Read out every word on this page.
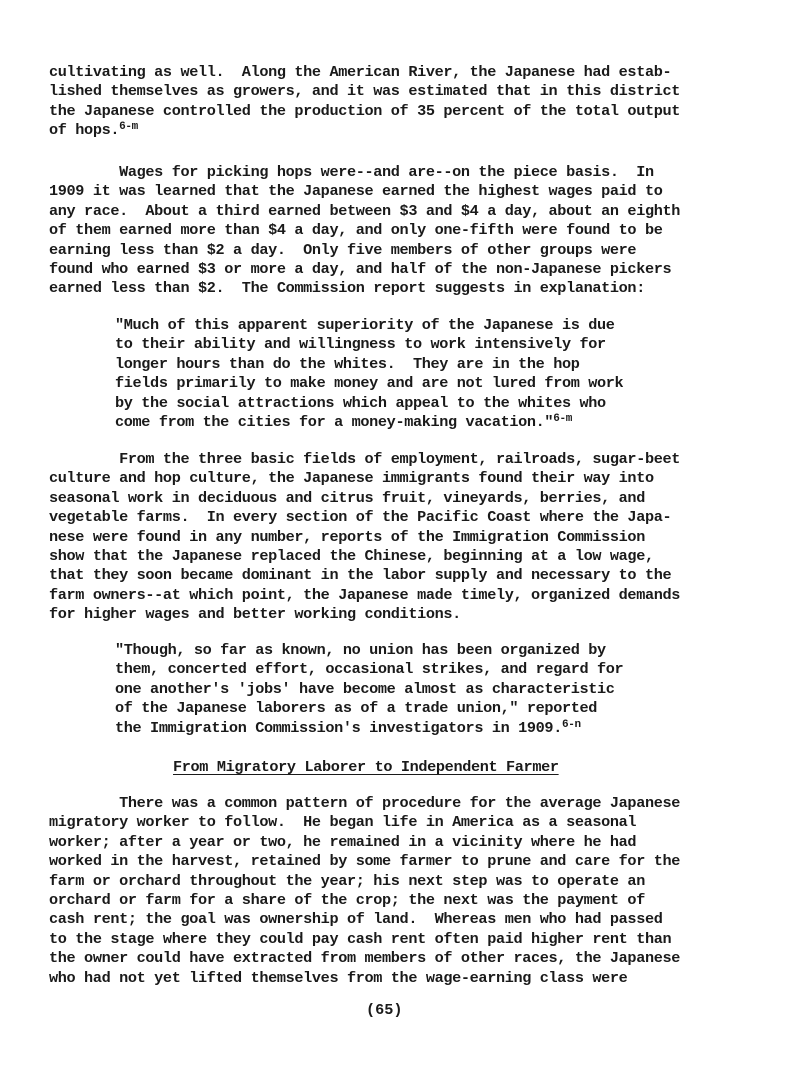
cultivating as well.  Along the American River, the Japanese had estab-
lished themselves as growers, and it was estimated that in this district
the Japanese controlled the production of 35 percent of the total output
of hops.$^{6-m}$
Wages for picking hops were--and are--on the piece basis.  In
1909 it was learned that the Japanese earned the highest wages paid to
any race.  About a third earned between $3 and $4 a day, about an eighth
of them earned more than $4 a day, and only one-fifth were found to be
earning less than $2 a day.  Only five members of other groups were
found who earned $3 or more a day, and half of the non-Japanese pickers
earned less than $2.  The Commission report suggests in explanation:
"Much of this apparent superiority of the Japanese is due
to their ability and willingness to work intensively for
longer hours than do the whites.  They are in the hop
fields primarily to make money and are not lured from work
by the social attractions which appeal to the whites who
come from the cities for a money-making vacation."$^{6-m}$
From the three basic fields of employment, railroads, sugar-beet
culture and hop culture, the Japanese immigrants found their way into
seasonal work in deciduous and citrus fruit, vineyards, berries, and
vegetable farms.  In every section of the Pacific Coast where the Japa-
nese were found in any number, reports of the Immigration Commission
show that the Japanese replaced the Chinese, beginning at a low wage,
that they soon became dominant in the labor supply and necessary to the
farm owners--at which point, the Japanese made timely, organized demands
for higher wages and better working conditions.
"Though, so far as known, no union has been organized by
them, concerted effort, occasional strikes, and regard for
one another's 'jobs' have become almost as characteristic
of the Japanese laborers as of a trade union," reported
the Immigration Commission's investigators in 1909.$^{6-n}$
There was a common pattern of procedure for the average Japanese
migratory worker to follow.  He began life in America as a seasonal
worker; after a year or two, he remained in a vicinity where he had
worked in the harvest, retained by some farmer to prune and care for the
farm or orchard throughout the year; his next step was to operate an
orchard or farm for a share of the crop; the next was the payment of
cash rent; the goal was ownership of land.  Whereas men who had passed
to the stage where they could pay cash rent often paid higher rent than
the owner could have extracted from members of other races, the Japanese
who had not yet lifted themselves from the wage-earning class were
From Migratory Laborer to Independent Farmer
(65)
